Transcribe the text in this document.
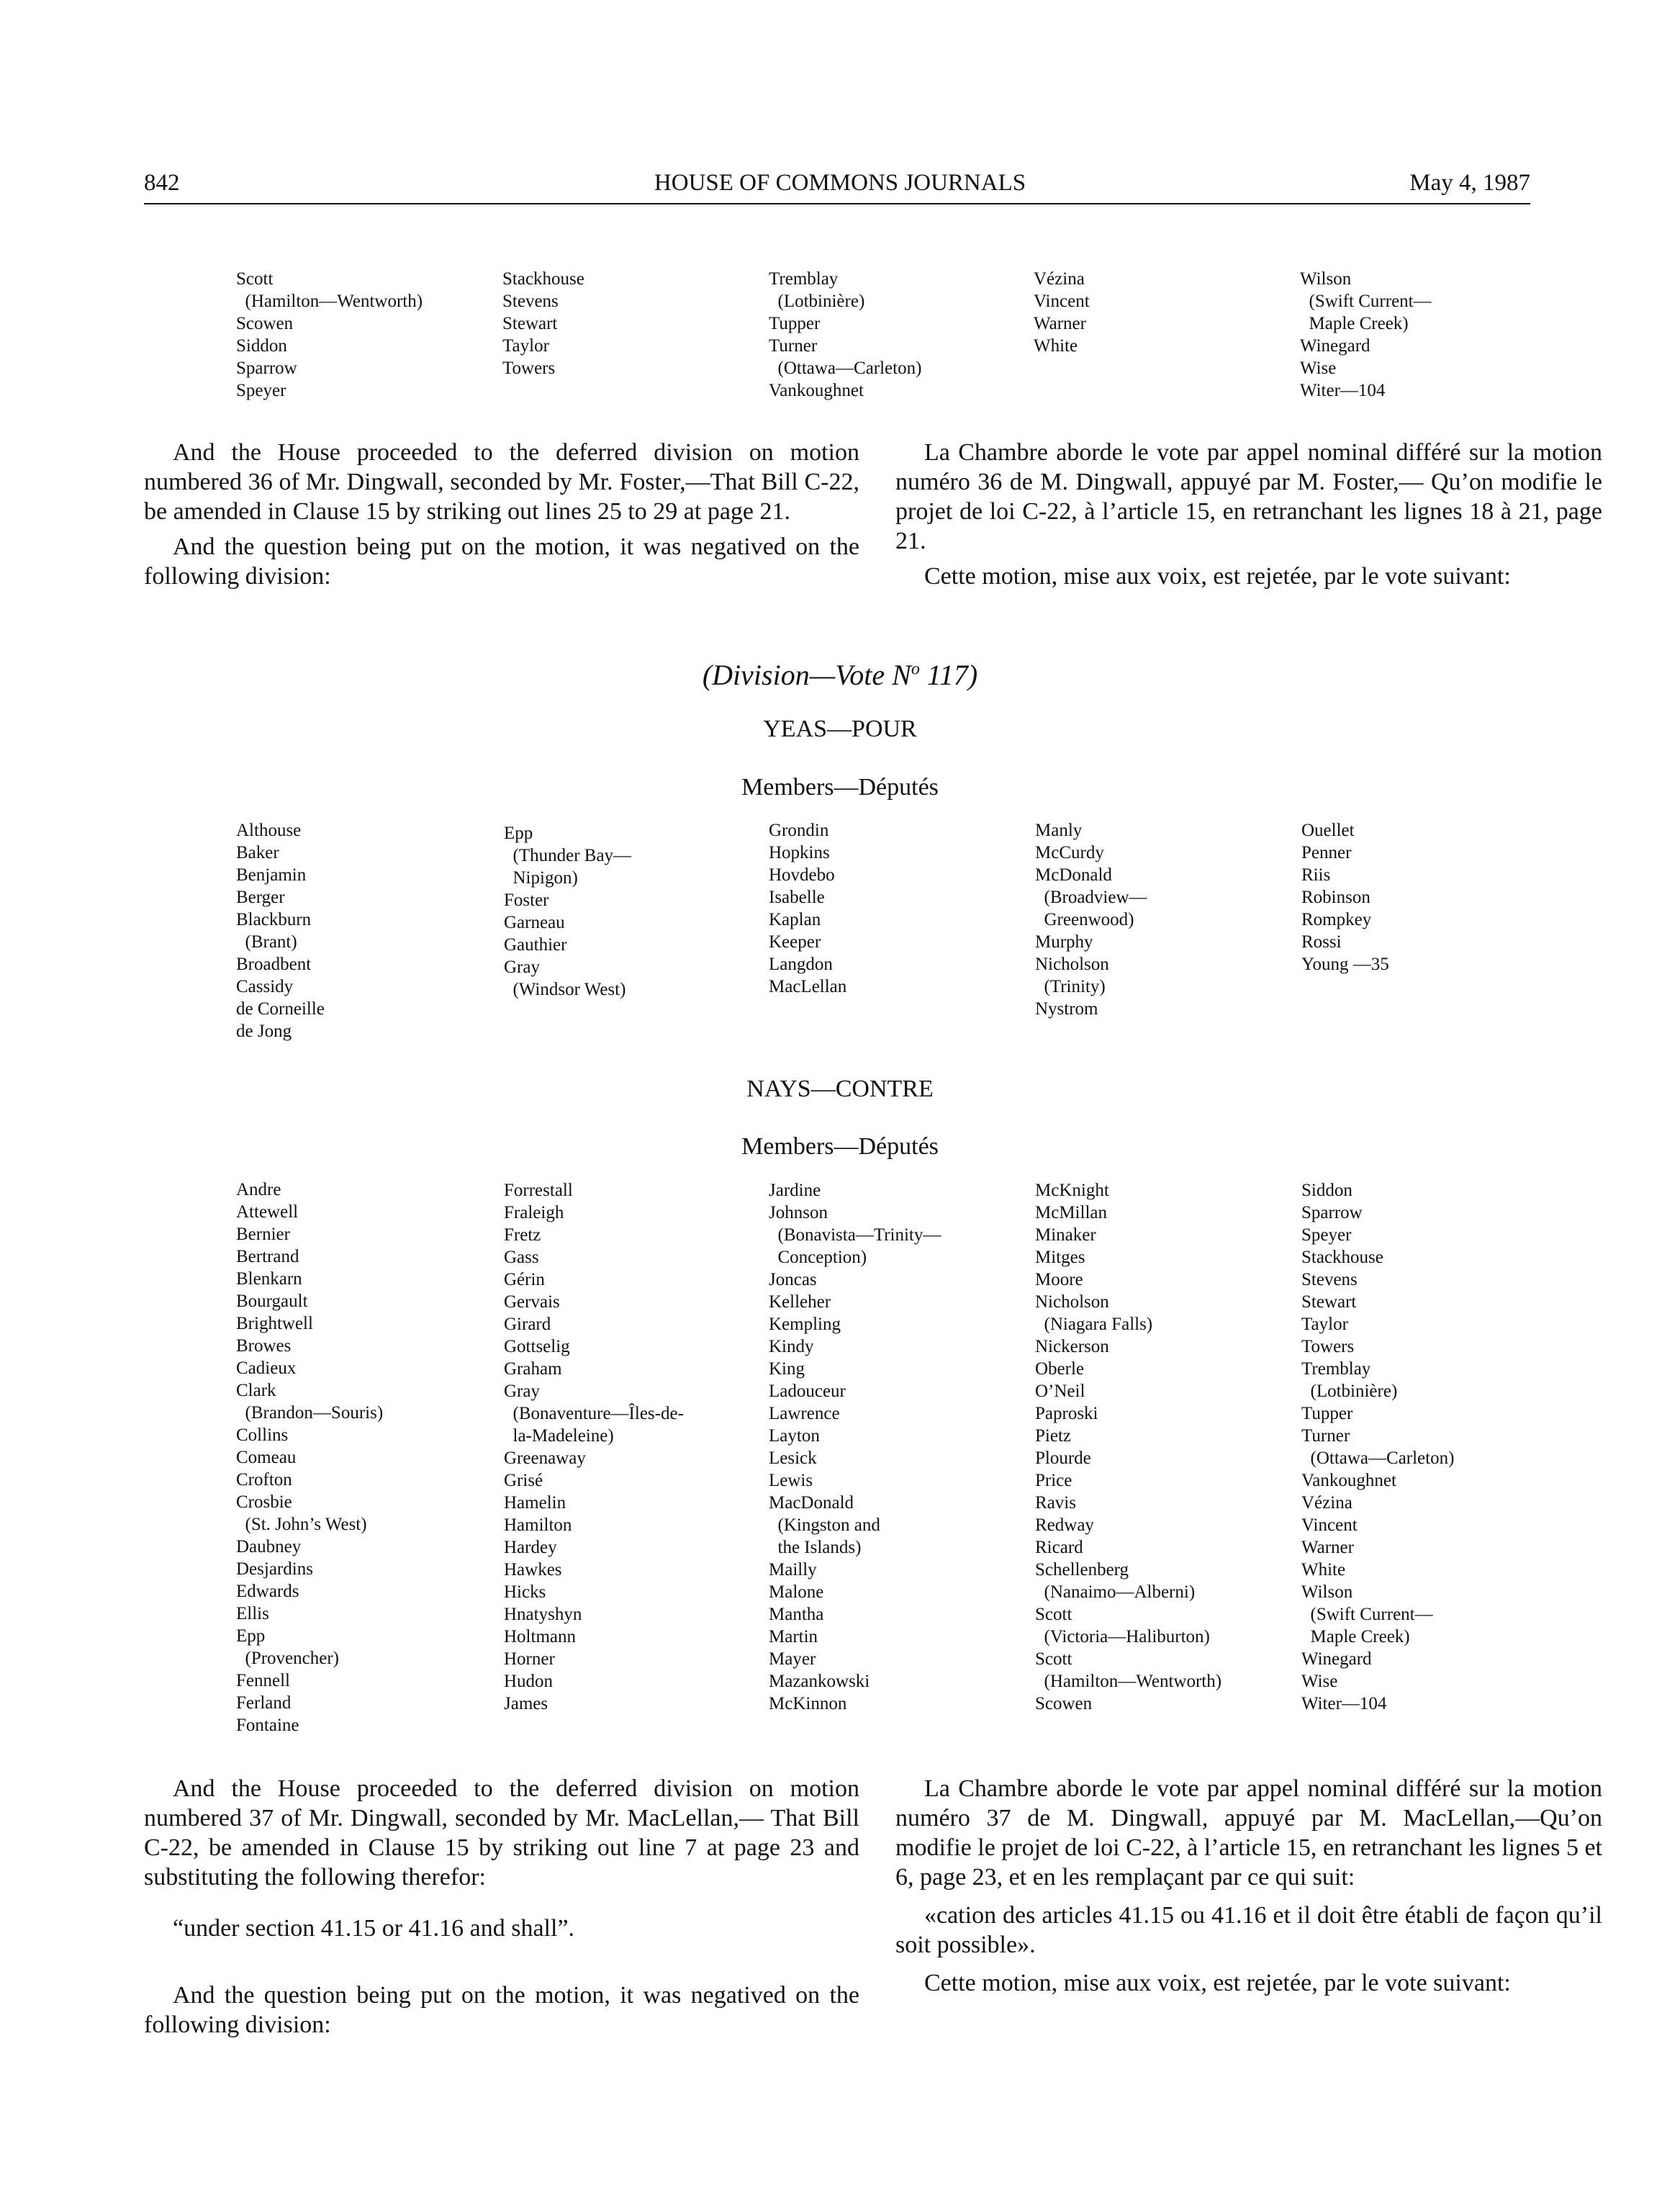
842	HOUSE OF COMMONS JOURNALS	May 4, 1987
Scott
(Hamilton—Wentworth)
Scowen
Siddon
Sparrow
Speyer
Stackhouse
Stevens
Stewart
Taylor
Towers
Tremblay
(Lotbinière)
Tupper
Turner
(Ottawa—Carleton)
Vankoughnet
Vézina
Vincent
Warner
White
Wilson
(Swift Current—
Maple Creek)
Winegard
Wise
Witer—104

And the House proceeded to the deferred division on motion numbered 36 of Mr. Dingwall, seconded by Mr. Foster,—That Bill C-22, be amended in Clause 15 by striking out lines 25 to 29 at page 21.

And the question being put on the motion, it was negatived on the following division:

La Chambre aborde le vote par appel nominal différé sur la motion numéro 36 de M. Dingwall, appuyé par M. Foster,— Qu’on modifie le projet de loi C-22, à l’article 15, en retranchant les lignes 18 à 21, page 21.

Cette motion, mise aux voix, est rejetée, par le vote suivant:

(Division—Vote $N^o$ 117)
YEAS—POUR
Members—Députés
Althouse
Baker
Benjamin
Berger
Blackburn
(Brant)
Broadbent
Cassidy
de Corneille
de Jong
Epp
(Thunder Bay—
Nipigon)
Foster
Garneau
Gauthier
Gray
(Windsor West)
Grondin
Hopkins
Hovdebo
Isabelle
Kaplan
Keeper
Langdon
MacLellan
Manly
McCurdy
McDonald
(Broadview—
Greenwood)
Murphy
Nicholson
(Trinity)
Nystrom
Ouellet
Penner
Riis
Robinson
Rompkey
Rossi
Young —35
NAYS—CONTRE
Members—Députés
Andre
Attewell
Bernier
Bertrand
Blenkarn
Bourgault
Brightwell
Browes
Cadieux
Clark
(Brandon—Souris)
Collins
Comeau
Crofton
Crosbie
(St. John’s West)
Daubney
Desjardins
Edwards
Ellis
Epp
(Provencher)
Fennell
Ferland
Fontaine
Forrestall
Fraleigh
Fretz
Gass
Gérin
Gervais
Girard
Gottselig
Graham
Gray
(Bonaventure—Îles-de-
la-Madeleine)
Greenaway
Grisé
Hamelin
Hamilton
Hardey
Hawkes
Hicks
Hnatyshyn
Holtmann
Horner
Hudon
James
Jardine
Johnson
(Bonavista—Trinity—
Conception)
Joncas
Kelleher
Kempling
Kindy
King
Ladouceur
Lawrence
Layton
Lesick
Lewis
MacDonald
(Kingston and
the Islands)
Mailly
Malone
Mantha
Martin
Mayer
Mazankowski
McKinnon
McKnight
McMillan
Minaker
Mitges
Moore
Nicholson
(Niagara Falls)
Nickerson
Oberle
O’Neil
Paproski
Pietz
Plourde
Price
Ravis
Redway
Ricard
Schellenberg
(Nanaimo—Alberni)
Scott
(Victoria—Haliburton)
Scott
(Hamilton—Wentworth)
Scowen
Siddon
Sparrow
Speyer
Stackhouse
Stevens
Stewart
Taylor
Towers
Tremblay
(Lotbinière)
Tupper
Turner
(Ottawa—Carleton)
Vankoughnet
Vézina
Vincent
Warner
White
Wilson
(Swift Current—
Maple Creek)
Winegard
Wise
Witer—104

And the House proceeded to the deferred division on motion numbered 37 of Mr. Dingwall, seconded by Mr. MacLellan,— That Bill C-22, be amended in Clause 15 by striking out line 7 at page 23 and substituting the following therefor:

“under section 41.15 or 41.16 and shall”.

And the question being put on the motion, it was negatived on the following division:

La Chambre aborde le vote par appel nominal différé sur la motion numéro 37 de M. Dingwall, appuyé par M. MacLellan,—Qu’on modifie le projet de loi C-22, à l’article 15, en retranchant les lignes 5 et 6, page 23, et en les remplaçant par ce qui suit:

«cation des articles 41.15 ou 41.16 et il doit être établi de façon qu’il soit possible».

Cette motion, mise aux voix, est rejetée, par le vote suivant:
